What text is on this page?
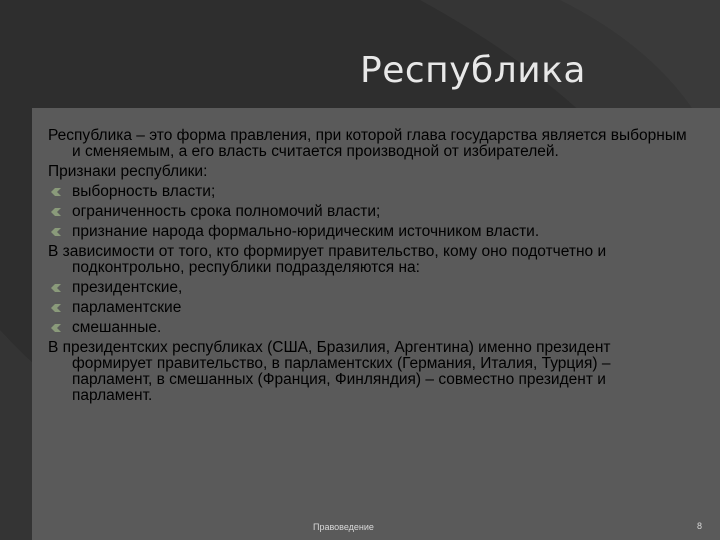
Республика
Республика – это форма правления, при которой глава государства является выборным и сменяемым, а его власть считается производной от избирателей.
Признаки республики:
выборность власти;
ограниченность срока полномочий власти;
признание народа формально-юридическим источником власти.
В зависимости от того, кто формирует правительство, кому оно подотчетно и подконтрольно, республики подразделяются на:
президентские,
парламентские
смешанные.
В президентских республиках (США, Бразилия, Аргентина) именно президент формирует правительство, в парламентских (Германия, Италия, Турция) – парламент, в смешанных (Франция, Финляндия) – совместно президент и парламент.
Правоведение	8
